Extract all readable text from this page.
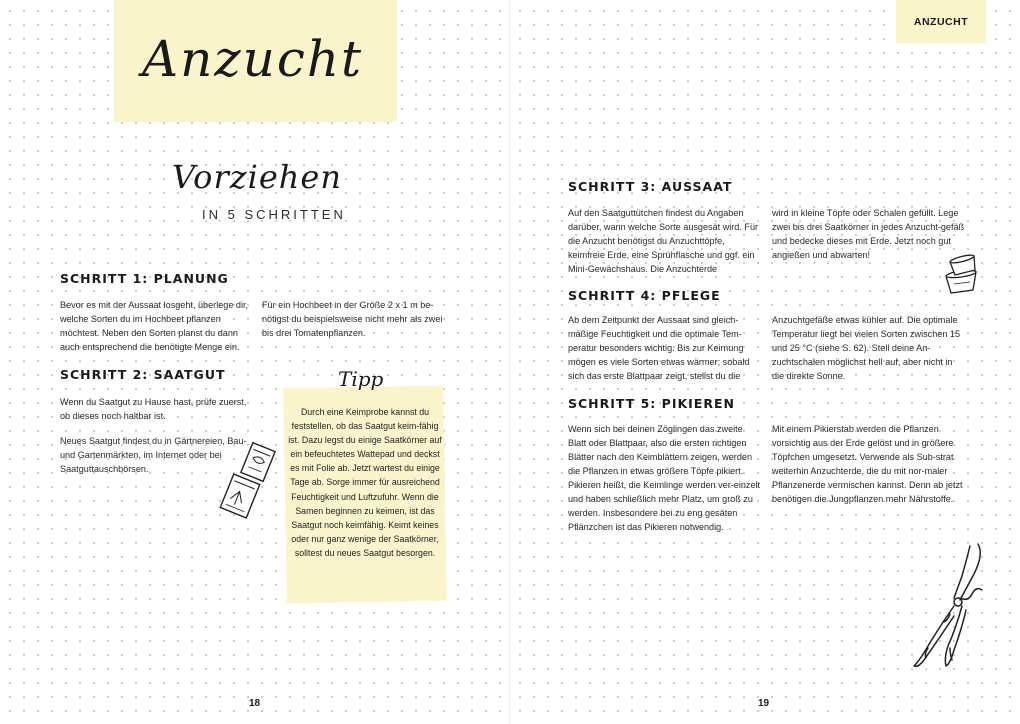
Anzucht
Vorziehen
IN 5 SCHRITTEN
SCHRITT 1: PLANUNG
Bevor es mit der Aussaat losgeht, überlege dir, welche Sorten du im Hochbeet pflanzen möchtest. Neben den Sorten planst du dann auch entsprechend die benötigte Menge ein.
Für ein Hochbeet in der Größe 2 x 1 m be-nötigst du beispielsweise nicht mehr als zwei bis drei Tomatenpflanzen.
SCHRITT 2: SAATGUT
Wenn du Saatgut zu Hause hast, prüfe zuerst, ob dieses noch haltbar ist.
Neues Saatgut findest du in Gärtnereien, Bau- und Gartenmärkten, im Internet oder bei Saatguttauschbörsen.
Tipp
Durch eine Keimprobe kannst du feststellen, ob das Saatgut keim-fähig ist. Dazu legst du einige Saatkörner auf ein befeuchtetes Wattepad und deckst es mit Folie ab. Jetzt wartest du einige Tage ab. Sorge immer für ausreichend Feuchtigkeit und Luftzufuhr. Wenn die Samen beginnen zu keimen, ist das Saatgut noch keimfähig. Keimt keines oder nur ganz wenige der Saatkörner, solltest du neues Saatgut besorgen.
18
ANZUCHT
SCHRITT 3: AUSSAAT
Auf den Saatguttütchen findest du Angaben darüber, wann welche Sorte ausgesät wird. Für die Anzucht benötigst du Anzuchttöpfe, keimfreie Erde, eine Sprühflasche und ggf. ein Mini-Gewächshaus. Die Anzuchterde
wird in kleine Töpfe oder Schalen gefüllt. Lege zwei bis drei Saatkörner in jedes Anzucht-gefäß und bedecke dieses mit Erde. Jetzt noch gut angießen und abwarten!
SCHRITT 4: PFLEGE
Ab dem Zeitpunkt der Aussaat sind gleich-mäßige Feuchtigkeit und die optimale Tem-peratur besonders wichtig. Bis zur Keimung mögen es viele Sorten etwas wärmer; sobald sich das erste Blattpaar zeigt, stellst du die
Anzuchtgefäße etwas kühler auf. Die optimale Temperatur liegt bei vielen Sorten zwischen 15 und 25 °C (siehe S. 62). Stell deine An-zuchtschalen möglichst hell auf, aber nicht in die direkte Sonne.
SCHRITT 5: PIKIEREN
Wenn sich bei deinen Zöglingen das zweite Blatt oder Blattpaar, also die ersten richtigen Blätter nach den Keimblättern zeigen, werden die Pflanzen in etwas größere Töpfe pikiert. Pikieren heißt, die Keimlinge werden ver-einzelt und haben schließlich mehr Platz, um groß zu werden. Insbesondere bei zu eng gesäten Pflänzchen ist das Pikieren notwendig.
Mit einem Pikierstab werden die Pflanzen vorsichtig aus der Erde gelöst und in größere Töpfchen umgesetzt. Verwende als Sub-strat weiterhin Anzuchterde, die du mit nor-maler Pflanzenerde vermischen kannst. Denn ab jetzt benötigen die Jungpflanzen mehr Nährstoffe.
19
